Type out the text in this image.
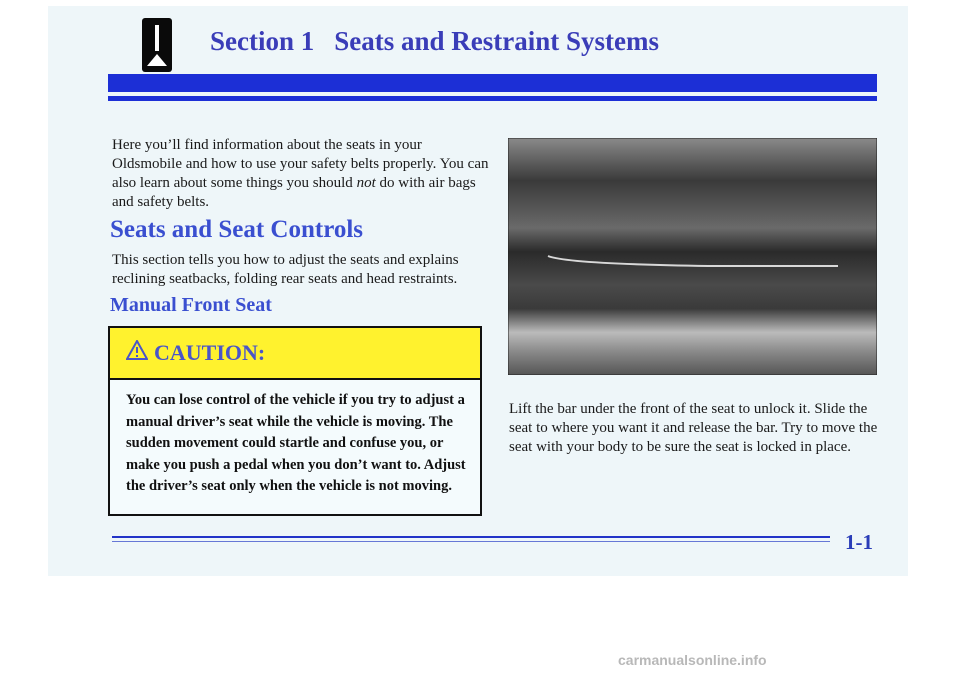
Section 1 Seats and Restraint Systems
Here you’ll find information about the seats in your Oldsmobile and how to use your safety belts properly. You can also learn about some things you should not do with air bags and safety belts.
Seats and Seat Controls
This section tells you how to adjust the seats and explains reclining seatbacks, folding rear seats and head restraints.
Manual Front Seat
CAUTION:
You can lose control of the vehicle if you try to adjust a manual driver’s seat while the vehicle is moving. The sudden movement could startle and confuse you, or make you push a pedal when you don’t want to. Adjust the driver’s seat only when the vehicle is not moving.
Lift the bar under the front of the seat to unlock it. Slide the seat to where you want it and release the bar. Try to move the seat with your body to be sure the seat is locked in place.
1-1
carmanualsonline.info
